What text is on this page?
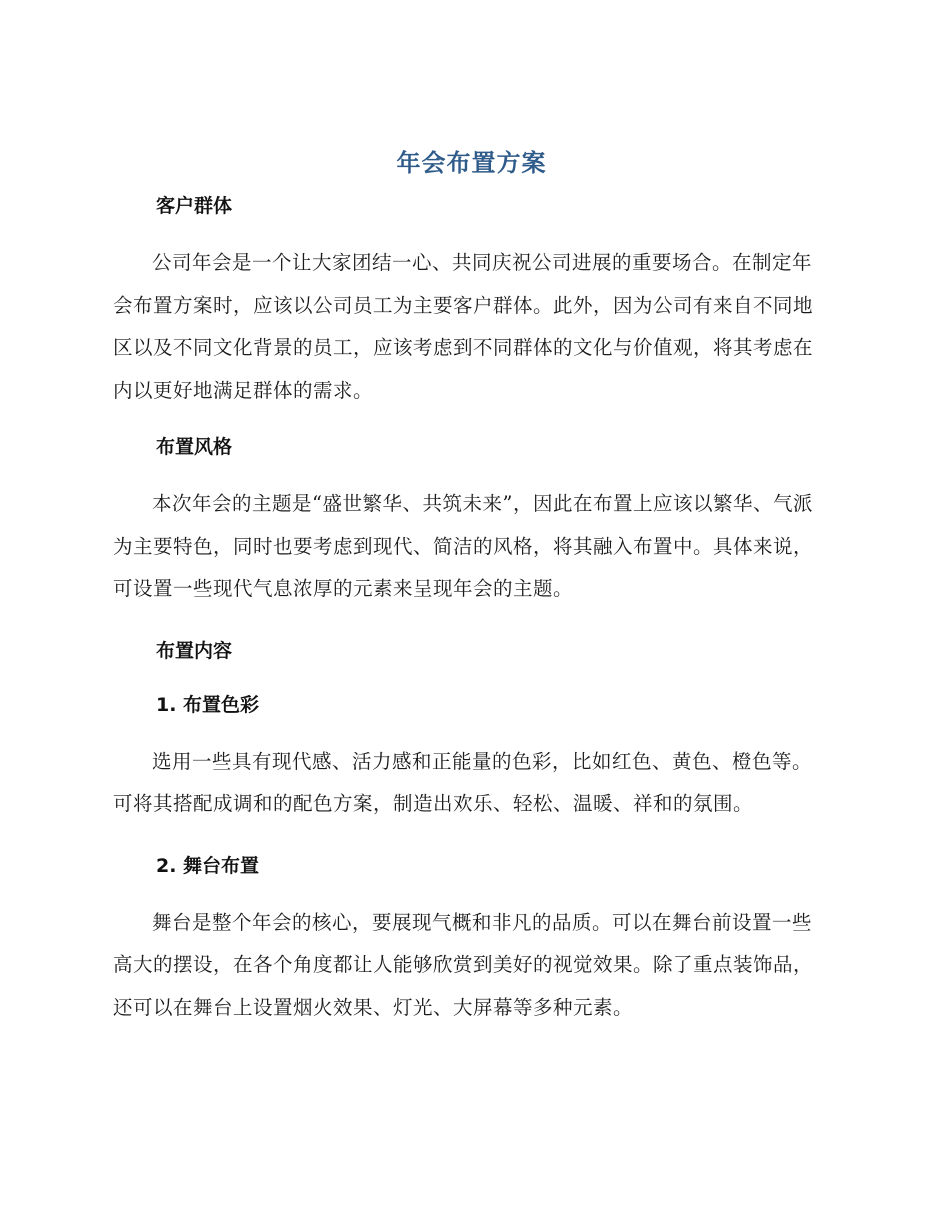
年会布置方案
客户群体

公司年会是一个让大家团结一心、共同庆祝公司进展的重要场合。在制定年会布置方案时，应该以公司员工为主要客户群体。此外，因为公司有来自不同地区以及不同文化背景的员工，应该考虑到不同群体的文化与价值观，将其考虑在内以更好地满足群体的需求。

布置风格

本次年会的主题是“盛世繁华、共筑未来”，因此在布置上应该以繁华、气派为主要特色，同时也要考虑到现代、简洁的风格，将其融入布置中。具体来说，可设置一些现代气息浓厚的元素来呈现年会的主题。

布置内容
1. 布置色彩

选用一些具有现代感、活力感和正能量的色彩，比如红色、黄色、橙色等。可将其搭配成调和的配色方案，制造出欢乐、轻松、温暖、祥和的氛围。

2. 舞台布置

舞台是整个年会的核心，要展现气概和非凡的品质。可以在舞台前设置一些高大的摆设，在各个角度都让人能够欣赏到美好的视觉效果。除了重点装饰品，还可以在舞台上设置烟火效果、灯光、大屏幕等多种元素。
